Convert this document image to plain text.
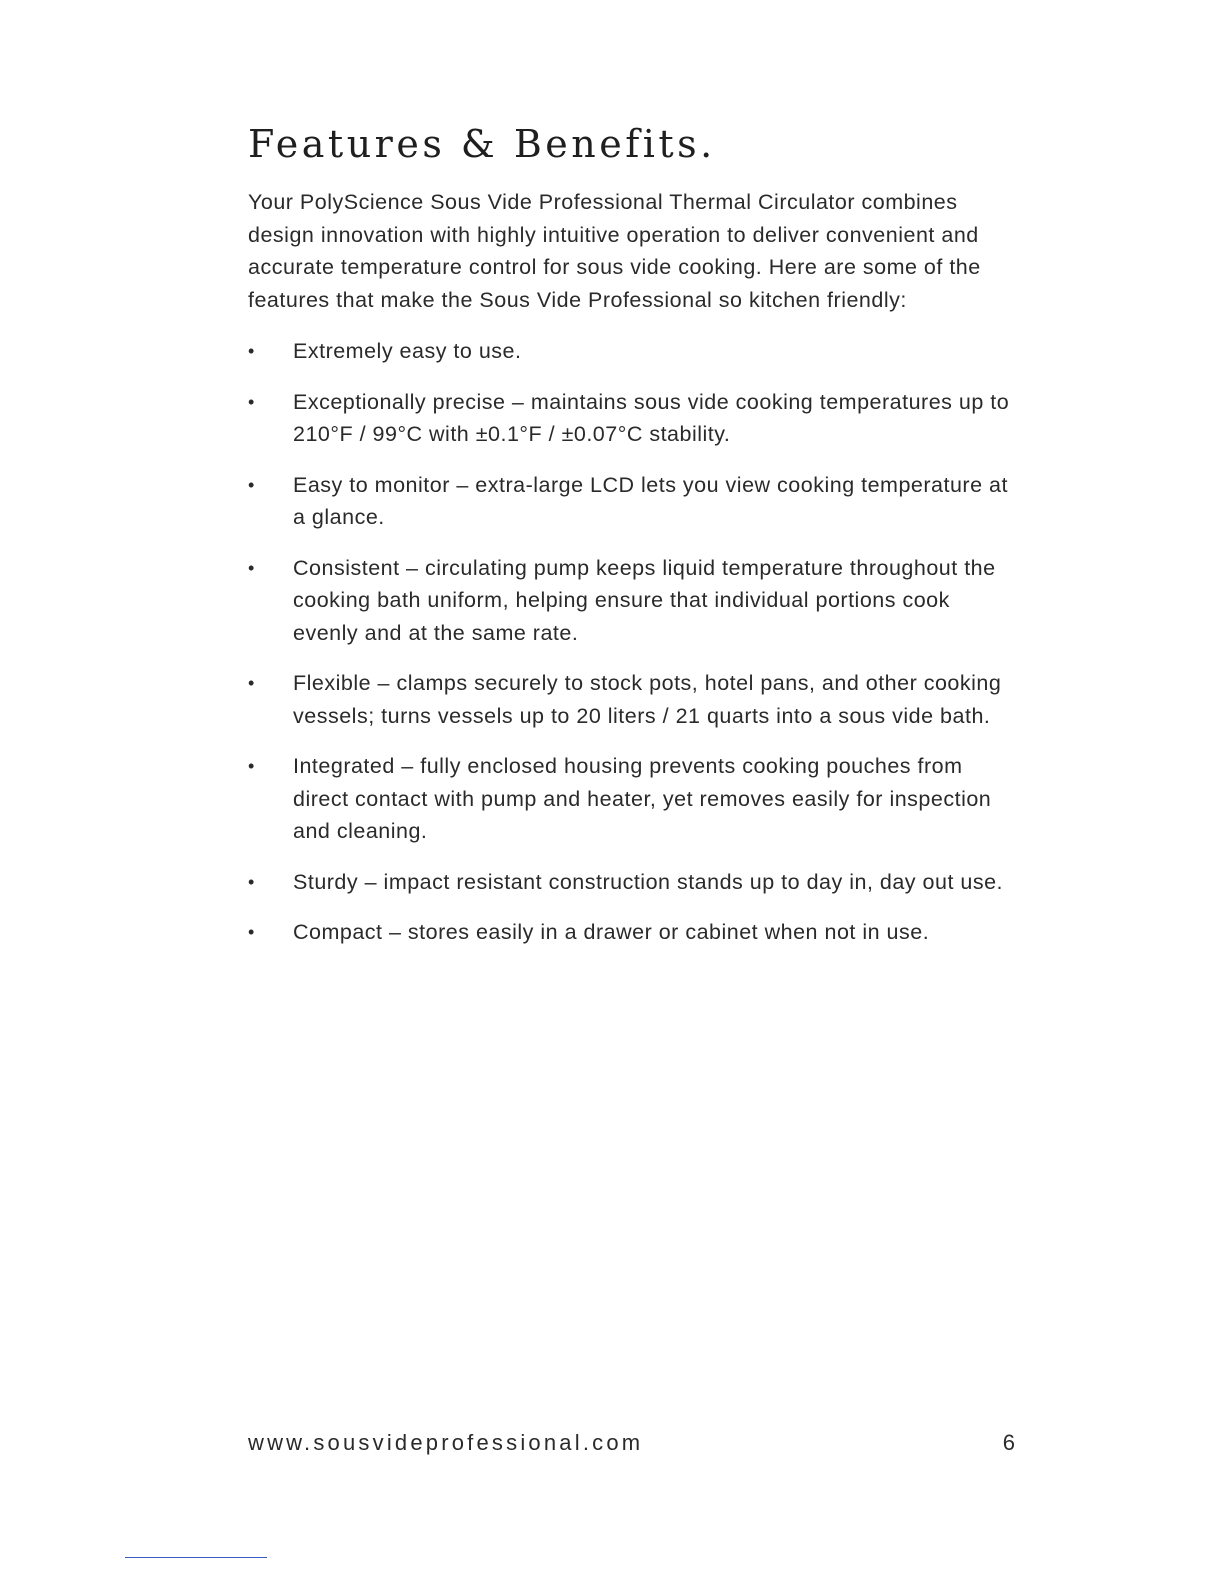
Features & Benefits.

Your PolyScience Sous Vide Professional Thermal Circulator combines design innovation with highly intuitive operation to deliver convenient and accurate temperature control for sous vide cooking. Here are some of the features that make the Sous Vide Professional so kitchen friendly:

•	Extremely easy to use.
•	Exceptionally precise – maintains sous vide cooking temperatures up to 210°F / 99°C with ±0.1°F / ±0.07°C stability.
•	Easy to monitor – extra-large LCD lets you view cooking temperature at a glance.
•	Consistent – circulating pump keeps liquid temperature throughout the cooking bath uniform, helping ensure that individual portions cook evenly and at the same rate.
•	Flexible – clamps securely to stock pots, hotel pans, and other cooking vessels; turns vessels up to 20 liters / 21 quarts into a sous vide bath.
•	Integrated – fully enclosed housing prevents cooking pouches from direct contact with pump and heater, yet removes easily for inspection and cleaning.
•	Sturdy – impact resistant construction stands up to day in, day out use.
•	Compact – stores easily in a drawer or cabinet when not in use.

www.sousvideprofessional.com	6
